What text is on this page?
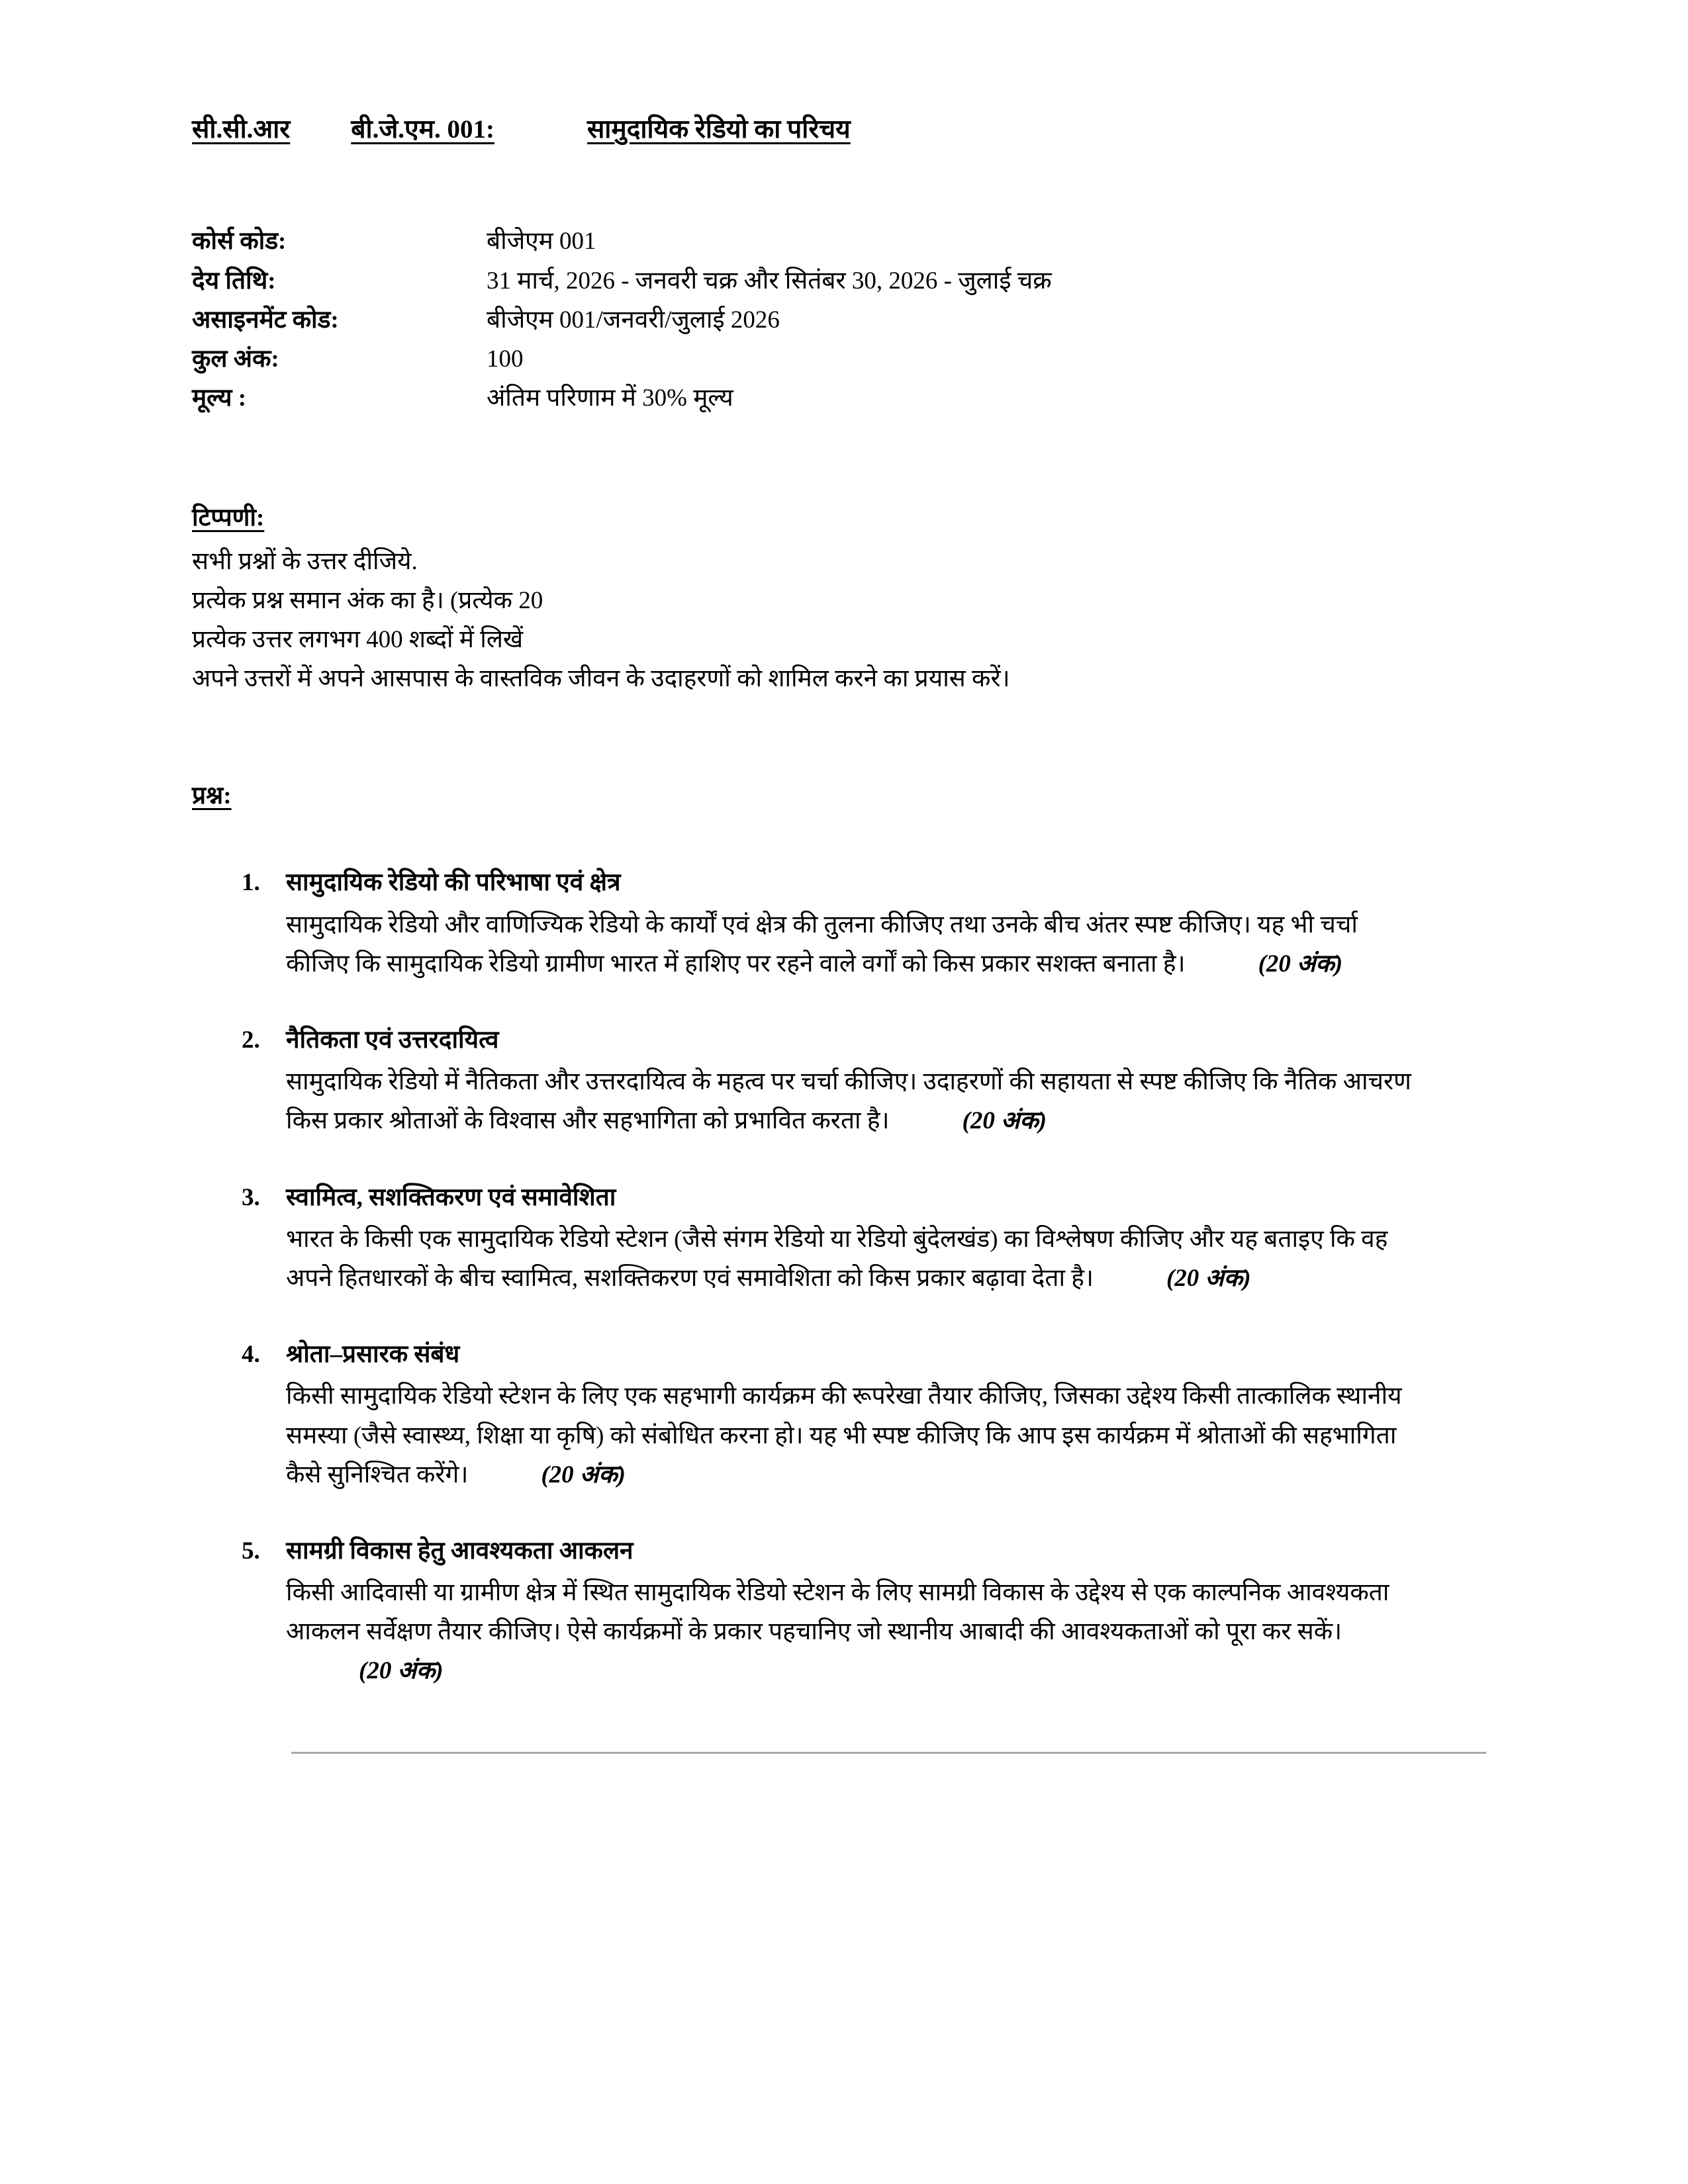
सी.सी.आर बी.जे.एम. 001:	सामुदायिक रेडियो का परिचय
कोर्स कोड:	बीजेएम 001
देय तिथि:	31 मार्च, 2026 - जनवरी चक्र और सितंबर 30, 2026 - जुलाई चक्र
असाइनमेंट कोड:	बीजेएम 001/जनवरी/जुलाई 2026
कुल अंक:	100
मूल्य :	अंतिम परिणाम में 30% मूल्य
टिप्पणी:
सभी प्रश्नों के उत्तर दीजिये.
प्रत्येक प्रश्न समान अंक का है। (प्रत्येक 20
प्रत्येक उत्तर लगभग 400 शब्दों में लिखें
अपने उत्तरों में अपने आसपास के वास्तविक जीवन के उदाहरणों को शामिल करने का प्रयास करें।
प्रश्न:
1. सामुदायिक रेडियो की परिभाषा एवं क्षेत्र
सामुदायिक रेडियो और वाणिज्यिक रेडियो के कार्यों एवं क्षेत्र की तुलना कीजिए तथा उनके बीच अंतर स्पष्ट कीजिए। यह भी चर्चा कीजिए कि सामुदायिक रेडियो ग्रामीण भारत में हाशिए पर रहने वाले वर्गों को किस प्रकार सशक्त बनाता है।	(20 अंक)
2. नैतिकता एवं उत्तरदायित्व
सामुदायिक रेडियो में नैतिकता और उत्तरदायित्व के महत्व पर चर्चा कीजिए। उदाहरणों की सहायता से स्पष्ट कीजिए कि नैतिक आचरण किस प्रकार श्रोताओं के विश्वास और सहभागिता को प्रभावित करता है।	(20 अंक)
3. स्वामित्व, सशक्तिकरण एवं समावेशिता
भारत के किसी एक सामुदायिक रेडियो स्टेशन (जैसे संगम रेडियो या रेडियो बुंदेलखंड) का विश्लेषण कीजिए और यह बताइए कि वह अपने हितधारकों के बीच स्वामित्व, सशक्तिकरण एवं समावेशिता को किस प्रकार बढ़ावा देता है।	(20 अंक)
4. श्रोता–प्रसारक संबंध
किसी सामुदायिक रेडियो स्टेशन के लिए एक सहभागी कार्यक्रम की रूपरेखा तैयार कीजिए, जिसका उद्देश्य किसी तात्कालिक स्थानीय समस्या (जैसे स्वास्थ्य, शिक्षा या कृषि) को संबोधित करना हो। यह भी स्पष्ट कीजिए कि आप इस कार्यक्रम में श्रोताओं की सहभागिता कैसे सुनिश्चित करेंगे।	(20 अंक)
5. सामग्री विकास हेतु आवश्यकता आकलन
किसी आदिवासी या ग्रामीण क्षेत्र में स्थित सामुदायिक रेडियो स्टेशन के लिए सामग्री विकास के उद्देश्य से एक काल्पनिक आवश्यकता आकलन सर्वेक्षण तैयार कीजिए। ऐसे कार्यक्रमों के प्रकार पहचानिए जो स्थानीय आबादी की आवश्यकताओं को पूरा कर सकें।(20 अंक)
